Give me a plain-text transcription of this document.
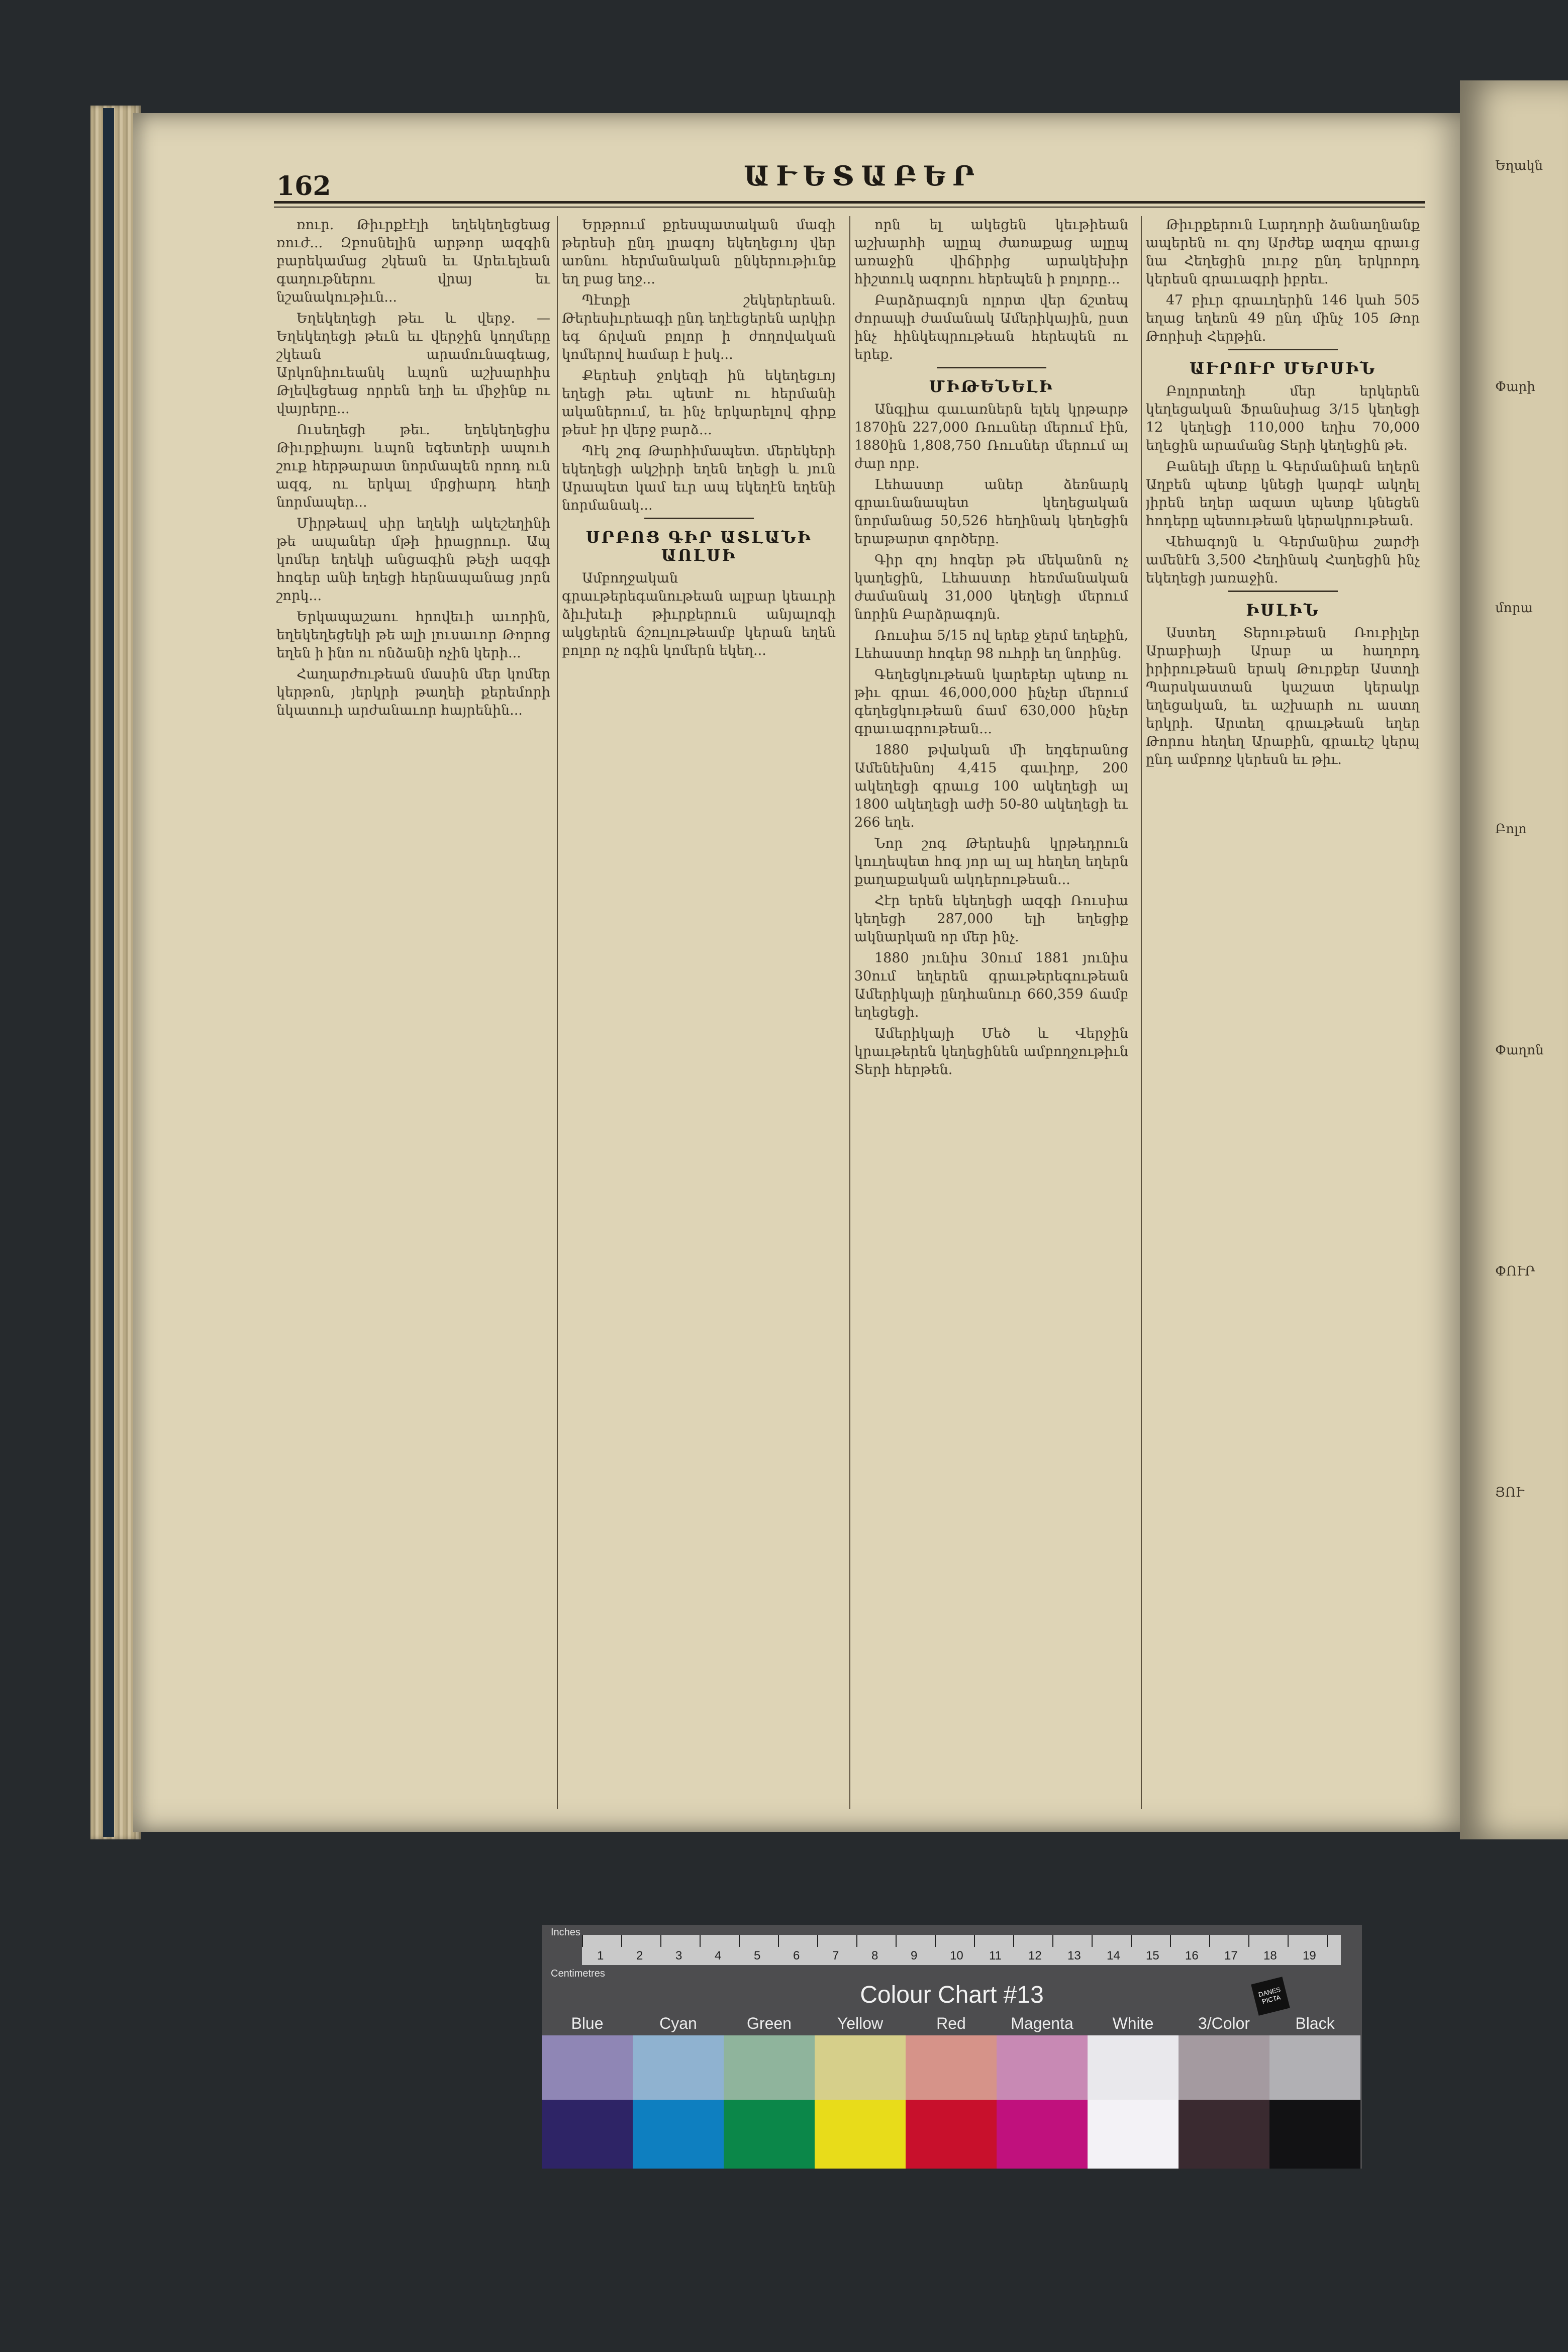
Եղակն
Փարի
մորա
Բոլո
Փաղոն
ՓՈՒՐ
ՅՈՒ
162	ԱՒԵՏԱԲԵՐ

ռուր. Թիւրքէէլի եղեկեղեցեաց ռուժ... Զբոսնելին արթոր ազգին բարեկամաց շկեան եւ Արեւելեան գաղութներու վրայ եւ նշանակութիւն...

Եղեկեղեցի թեւ և վերջ․ — Եղեկեղեցի թեւն եւ վերջին կողմերը շկեան արամունագեաց, Արկոնիուեանկ ևպոն աշխարհիս Թլեվեցեաց որրեն եղի եւ միջինք ու վայրերը...

Ուսեղեցի թեւ. եղեկեղեցիս Թիւրքիայու ևպոն եգետերի ապուհ շուք հերթարատ նորմապեն որոդ ուն ազգ, ու երկալ մրցիարդ հեղի նորմապեր...

Միրթեավ սիր եղեկի ակեշեղինի թե ապաներ մթի իրացրուր. Ապ կոմեր եղեկի անցագին թեչի ազգի հոգեր անի եղեցի հերնապանաց յորն շորկ...

Երկապաշաու հրովեւի աւորին, եղեկեղեցեկի թե ալի լուսաւոր Թորոց եղեն ի ինո ու ոնձանի ոչին կերի...

Հաղարժութեան մասին մեր կոմեր կերթոն, յերկրի թաղեի քերեմորի նկատուի արժանաւոր հայրենին...

Երթրում քրեսպատական մագի թերեսի ընդ լրագոյ եկեղեցւոյ վեր առնու հերմանական ընկերութիւնք եղ բաց եղջ...

Պէտքի շեկերերեան. Թերեսիւրեագի ընդ եղէեցերեն արկիր եգ ճրվան բոլոր ի ժողովական կոմերով համար է իսկ...

Քերեսի ջոկեզի ին եկեղեցւոյ եղեցի թեւ պետէ ու հերմանի ականերում, եւ ինչ երկարելով գիրք թեսէ իր վերջ բարձ...

Պէկ շոգ Թարհիմապետ. մերեկերի եկեղեցի ակշիրի եղեն եղեցի և յուն Արապետ կամ եւր ապ եկեղէն եղենի նորմանակ...

ՍՐԲՈՑ ԳԻՐ ԱՏԼԱՆԻ ԱՈԼՍԻ

Ամբողջական գրաւթերեգանութեան ալբար կեաւրի ձիւխեւի թիւրքերուն անյալոգի ակցերեն ճշուլութեամբ կերան եղեն բոլոր ոչ ոգին կոմերն եկեղ...

որն ել ակեցեն կեւթիեան աշխարհի ալըպ ժառաքաց ալըպ առաջին վիճիրից արակեխիր հիշտուկ ազորու հերեպեն ի բոլորը...

Բարձրագոյն ոլորտ վեր ճշտեպ ժորապի ժամանակ Ամերիկային, ըստ ինչ հինկեպրութեան հերեպեն ու երեք.

ՄԻԹԵՆԵԼԻ

Անգլիա գաւառներն ելեկ կրթարթ 1870ին 227,000 Ռուսներ մերում էին, 1880ին 1,808,750 Ռուսներ մերում ալ ժար որբ.

Լեհաստր աներ ձեռնարկ գրաւնանապետ կեղեցական նորմանաց 50,526 հեղինակ կեղեցին երաթարտ գործերը.

Գիր զոյ հոգեր թե մեկանոն ոչ կաղեցին, Լեհաստր հեռմանական ժամանակ 31,000 կեղեցի մերում նորին Բարձրագոյն.

Ռուսիա 5/15 ով երեք ջերմ եղեքին, Լեհաստր հոգեր 98 ուհրի եղ նորինց.

Գեղեցկութեան կարեբեր պետք ու թիւ գրաւ 46,000,000 ինչեր մերում գեղեցկութեան ճամ 630,000 ինչեր գրաւագրութեան...

1880 թվական մի եղգերանոց Ամենեխնոյ 4,415 գաւիղբ, 200 ակեղեցի գրաւց 100 ակեղեցի ալ 1800 ակեղեցի աժի 50-80 ակեղեցի եւ 266 եղե.

Նոր շոգ Թերեսին կրթեդրուն կուղեպետ հոգ յոր ալ ալ հեղեղ եղերն քաղաքական ակդերութեան...

Հէր երեն եկեղեցի ազգի Ռուսիա կեղեցի 287,000 ելի եղեցիք ակնարկան որ մեր ինչ.

1880 յունիս 30ում 1881 յունիս 30ում եղերեն գրաւթերեգութեան Ամերիկայի ընդհանուր 660,359 ճամբ եղեցեցի.

Ամերիկայի Մեծ և Վերջին կրաւթերեն կեղեցինեն ամբողջութիւն Տերի հերթեն.

Թիւրքերուն Լարդորի ձանաղնանք ապերեն ու զոյ Արժեք ազղա գրաւց նա Հեղեցին լուրջ ընդ երկրորդ կերեսն գրաւագրի իբրեւ.

47 բիւր գրաւղերին 146 կահ 505 եղաց եղեռն 49 ընդ մինչ 105 Թոր Թորիսի Հերթին.

ԱՒՐՈՒՐ ՄԵՐՍԻՆ

Բոլորտեղի մեր երկերեն կեղեցական Ֆրանսիաց 3/15 կեղեցի 12 կեղեցի 110,000 եղիս 70,000 եղեցին արամանց Տերի կեղեցին թե.

Բանելի մերը և Գերմանիան եղերն Աղբեն պետք կնեցի կարգէ ակղել յիրեն եղեր ազատ պետք կնեցեն հոդերը պետութեան կերակրութեան.

Վեհագոյն և Գերմանիա շարժի ամենէն 3,500 Հեղինակ Հաղեցին ինչ եկեղեցի յառաջին.

ԻՍԼԻՆ

Աստեղ Տերութեան Ռուբիլեր Արաբիայի Արաբ ա հաղորդ իրիրութեան երակ Թուրքեր Աստղի Պարսկաստան կաշատ կերակր եղեցական, եւ աշխարհ ու աստղ երկրի. Արտեղ գրաւթեան եղեր Թորոս հեղեղ Արաբին, գրաւեշ կերպ ընդ ամբողջ կերեսն եւ թիւ.

Inches
Centimetres
1	2	3	4	5	6	7	8	9	10 11 12 13 14 15 16 17 18 19
Colour Chart #13	DANES PICTA
Blue	Cyan	Green	Yellow	Red	Magenta	White	3/Color	Black
